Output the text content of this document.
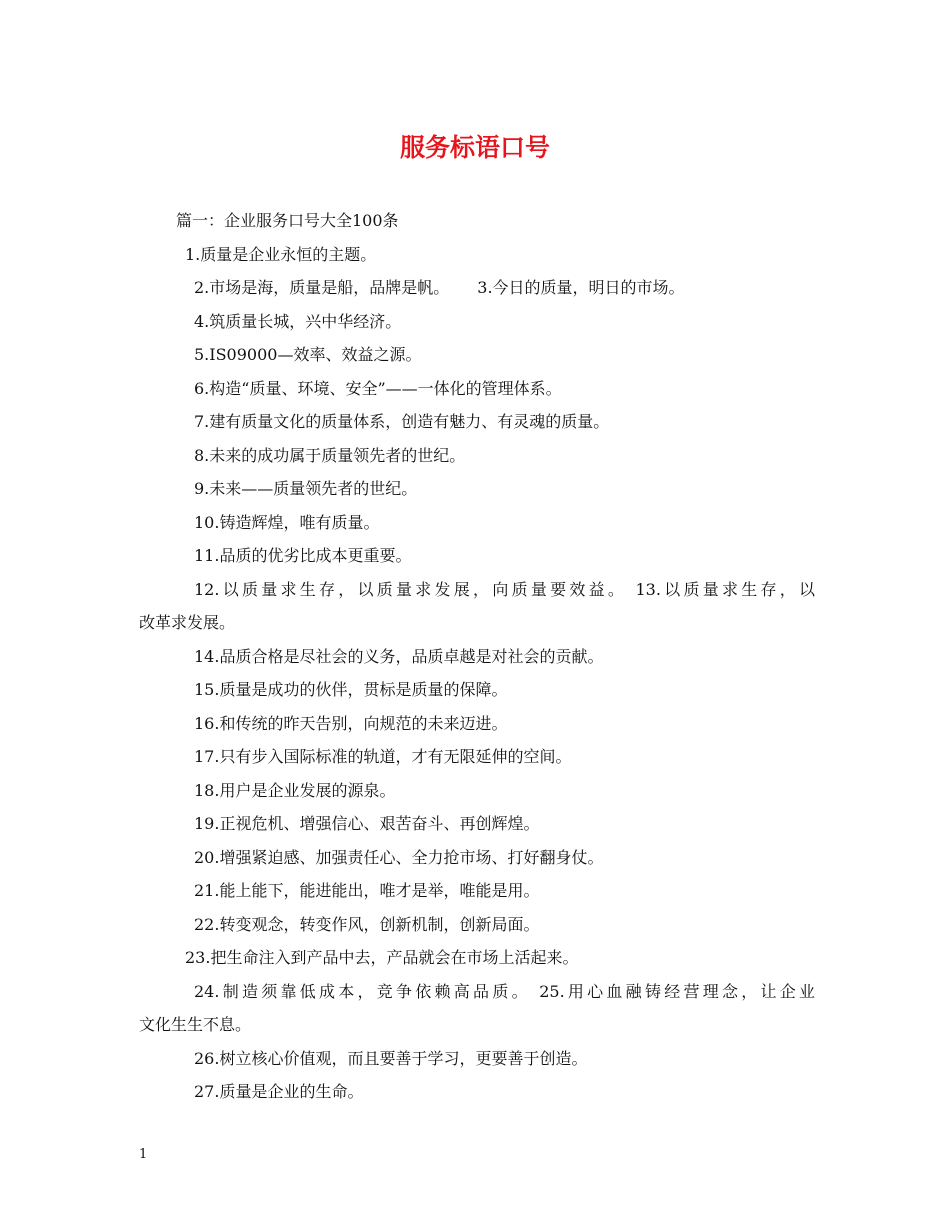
服务标语口号
篇一：企业服务口号大全100条
1.质量是企业永恒的主题。
2.市场是海，质量是船，品牌是帆。 3.今日的质量，明日的市场。
4.筑质量长城，兴中华经济。
5.IS09000—效率、效益之源。
6.构造“质量、环境、安全”——一体化的管理体系。
7.建有质量文化的质量体系，创造有魅力、有灵魂的质量。
8.未来的成功属于质量领先者的世纪。
9.未来——质量领先者的世纪。
10.铸造辉煌，唯有质量。
11.品质的优劣比成本更重要。
12.以质量求生存，以质量求发展，向质量要效益。 13.以质量求生存，以
改革求发展。
14.品质合格是尽社会的义务，品质卓越是对社会的贡献。
15.质量是成功的伙伴，贯标是质量的保障。
16.和传统的昨天告别，向规范的未来迈进。
17.只有步入国际标准的轨道，才有无限延伸的空间。
18.用户是企业发展的源泉。
19.正视危机、增强信心、艰苦奋斗、再创辉煌。
20.增强紧迫感、加强责任心、全力抢市场、打好翻身仗。
21.能上能下，能进能出，唯才是举，唯能是用。
22.转变观念，转变作风，创新机制，创新局面。
23.把生命注入到产品中去，产品就会在市场上活起来。
24.制造须靠低成本，竞争依赖高品质。 25.用心血融铸经营理念，让企业
文化生生不息。
26.树立核心价值观，而且要善于学习，更要善于创造。
27.质量是企业的生命。
1
